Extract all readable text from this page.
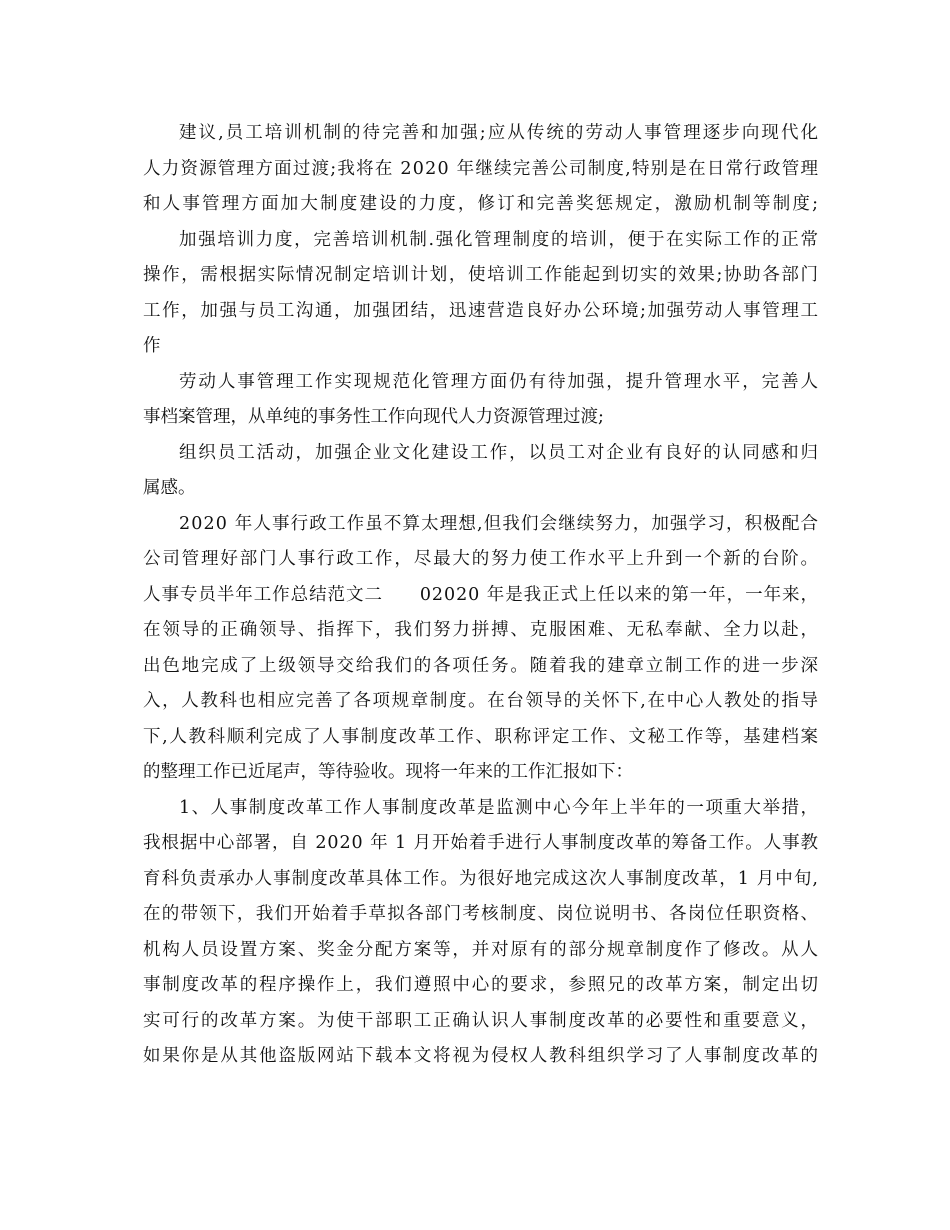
建议,员工培训机制的待完善和加强;应从传统的劳动人事管理逐步向现代化
人力资源管理方面过渡;我将在 2020 年继续完善公司制度,特别是在日常行政管理
和人事管理方面加大制度建设的力度，修订和完善奖惩规定，激励机制等制度;
加强培训力度，完善培训机制.强化管理制度的培训，便于在实际工作的正常
操作，需根据实际情况制定培训计划，使培训工作能起到切实的效果;协助各部门
工作，加强与员工沟通，加强团结，迅速营造良好办公环境;加强劳动人事管理工
作
劳动人事管理工作实现规范化管理方面仍有待加强，提升管理水平，完善人
事档案管理，从单纯的事务性工作向现代人力资源管理过渡;
组织员工活动，加强企业文化建设工作，以员工对企业有良好的认同感和归
属感。
2020 年人事行政工作虽不算太理想,但我们会继续努力，加强学习，积极配合
公司管理好部门人事行政工作，尽最大的努力使工作水平上升到一个新的台阶。
人事专员半年工作总结范文二　　02020 年是我正式上任以来的第一年，一年来，
在领导的正确领导、指挥下，我们努力拼搏、克服困难、无私奉献、全力以赴，
出色地完成了上级领导交给我们的各项任务。随着我的建章立制工作的进一步深
入，人教科也相应完善了各项规章制度。在台领导的关怀下,在中心人教处的指导
下,人教科顺利完成了人事制度改革工作、职称评定工作、文秘工作等，基建档案
的整理工作已近尾声，等待验收。现将一年来的工作汇报如下：
1、人事制度改革工作人事制度改革是监测中心今年上半年的一项重大举措，
我根据中心部署，自 2020 年 1 月开始着手进行人事制度改革的筹备工作。人事教
育科负责承办人事制度改革具体工作。为很好地完成这次人事制度改革，1 月中旬,
在的带领下，我们开始着手草拟各部门考核制度、岗位说明书、各岗位任职资格、
机构人员设置方案、奖金分配方案等，并对原有的部分规章制度作了修改。从人
事制度改革的程序操作上，我们遵照中心的要求，参照兄的改革方案，制定出切
实可行的改革方案。为使干部职工正确认识人事制度改革的必要性和重要意义，
如果你是从其他盗版网站下载本文将视为侵权人教科组织学习了人事制度改革的
